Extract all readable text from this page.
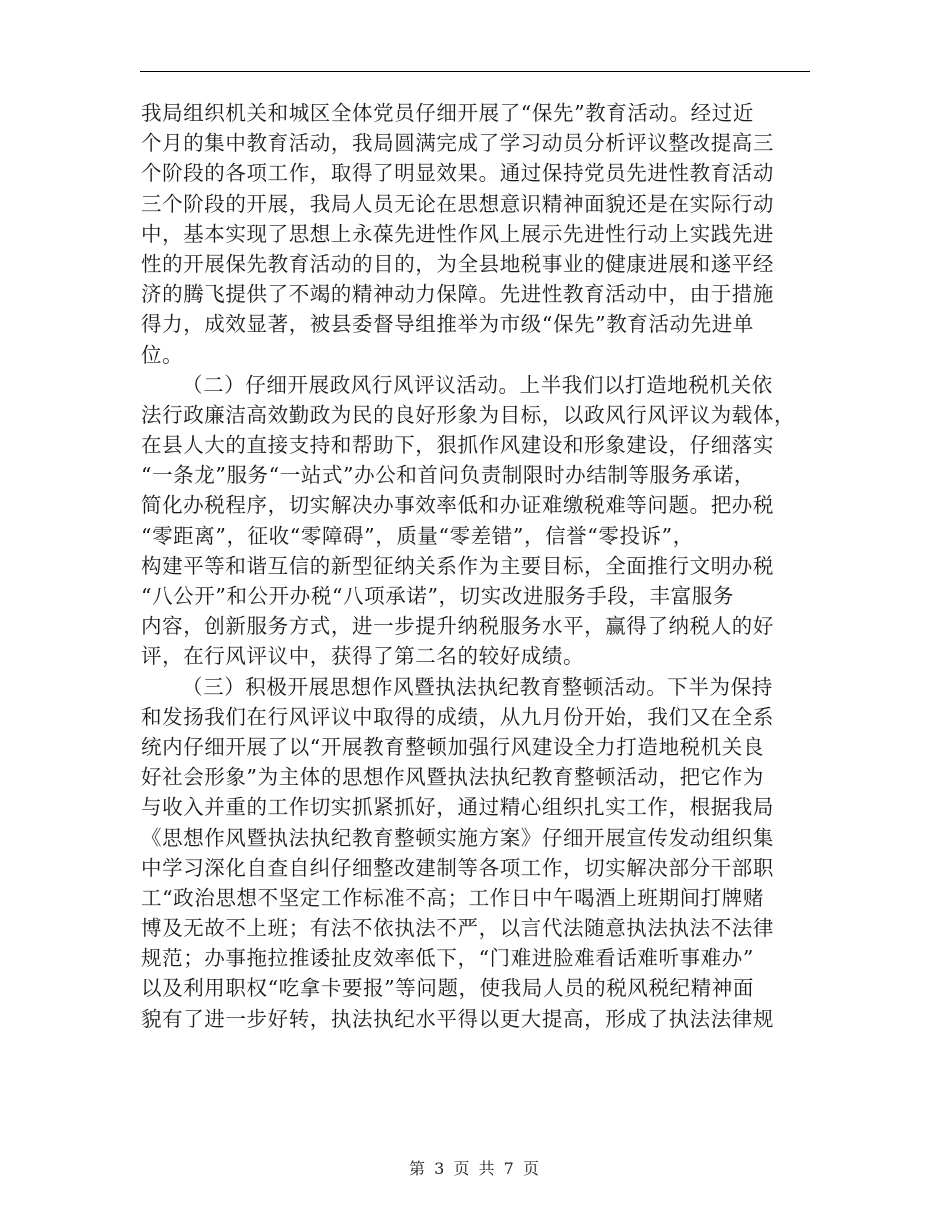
我局组织机关和城区全体党员仔细开展了“保先”教育活动。经过近
个月的集中教育活动，我局圆满完成了学习动员分析评议整改提高三
个阶段的各项工作，取得了明显效果。通过保持党员先进性教育活动
三个阶段的开展，我局人员无论在思想意识精神面貌还是在实际行动
中，基本实现了思想上永葆先进性作风上展示先进性行动上实践先进
性的开展保先教育活动的目的，为全县地税事业的健康进展和遂平经
济的腾飞提供了不竭的精神动力保障。先进性教育活动中，由于措施
得力，成效显著，被县委督导组推举为市级“保先”教育活动先进单
位。
（二）仔细开展政风行风评议活动。上半我们以打造地税机关依
法行政廉洁高效勤政为民的良好形象为目标，以政风行风评议为载体，
在县人大的直接支持和帮助下，狠抓作风建设和形象建设，仔细落实
“一条龙”服务“一站式”办公和首问负责制限时办结制等服务承诺，
简化办税程序，切实解决办事效率低和办证难缴税难等问题。把办税
“零距离”，征收“零障碍”，质量“零差错”，信誉“零投诉”，
构建平等和谐互信的新型征纳关系作为主要目标，全面推行文明办税
“八公开”和公开办税“八项承诺”，切实改进服务手段，丰富服务
内容，创新服务方式，进一步提升纳税服务水平，赢得了纳税人的好
评，在行风评议中，获得了第二名的较好成绩。
（三）积极开展思想作风暨执法执纪教育整顿活动。下半为保持
和发扬我们在行风评议中取得的成绩，从九月份开始，我们又在全系
统内仔细开展了以“开展教育整顿加强行风建设全力打造地税机关良
好社会形象”为主体的思想作风暨执法执纪教育整顿活动，把它作为
与收入并重的工作切实抓紧抓好，通过精心组织扎实工作，根据我局
《思想作风暨执法执纪教育整顿实施方案》仔细开展宣传发动组织集
中学习深化自查自纠仔细整改建制等各项工作，切实解决部分干部职
工“政治思想不坚定工作标准不高；工作日中午喝酒上班期间打牌赌
博及无故不上班；有法不依执法不严，以言代法随意执法执法不法律
规范；办事拖拉推诿扯皮效率低下，“门难进脸难看话难听事难办”
以及利用职权“吃拿卡要报”等问题，使我局人员的税风税纪精神面
貌有了进一步好转，执法执纪水平得以更大提高，形成了执法法律规
第 3 页 共 7 页
